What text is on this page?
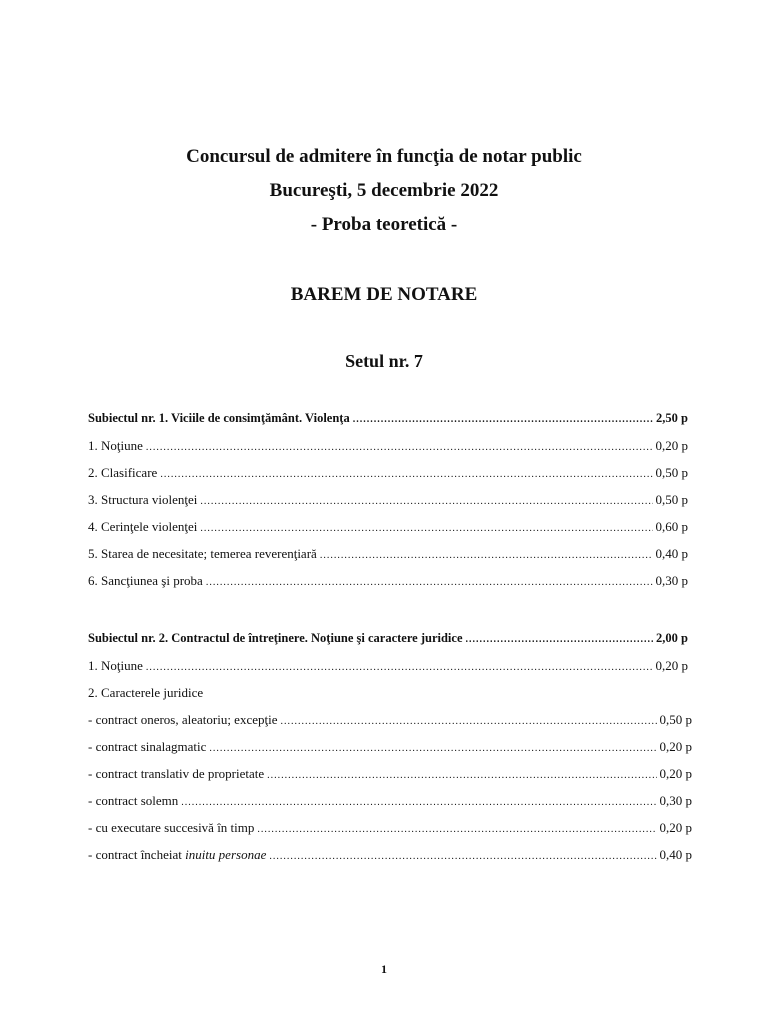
Concursul de admitere în funcţia de notar public
Bucureşti, 5 decembrie 2022
- Proba teoretică -
BAREM DE NOTARE
Setul nr. 7
Subiectul nr. 1. Viciile de consimţământ. Violenţa .....	2,50 p
1. Noţiune .....	0,20 p
2. Clasificare .....	0,50 p
3. Structura violenţei .....	0,50 p
4. Cerinţele violenţei .....	0,60 p
5. Starea de necesitate; temerea reverenţiară .....	0,40 p
6. Sancţiunea şi proba .....	0,30 p
Subiectul nr. 2. Contractul de întreţinere. Noţiune şi caractere juridice .....	2,00 p
1. Noţiune .....	0,20 p
2. Caracterele juridice
- contract oneros, aleatoriu; excepţie .....	0,50 p
- contract sinalagmatic .....	0,20 p
- contract translativ de proprietate .....	0,20 p
- contract solemn .....	0,30 p
- cu executare succesivă în timp .....	0,20 p
- contract încheiat inuitu personae .....	0,40 p
1
